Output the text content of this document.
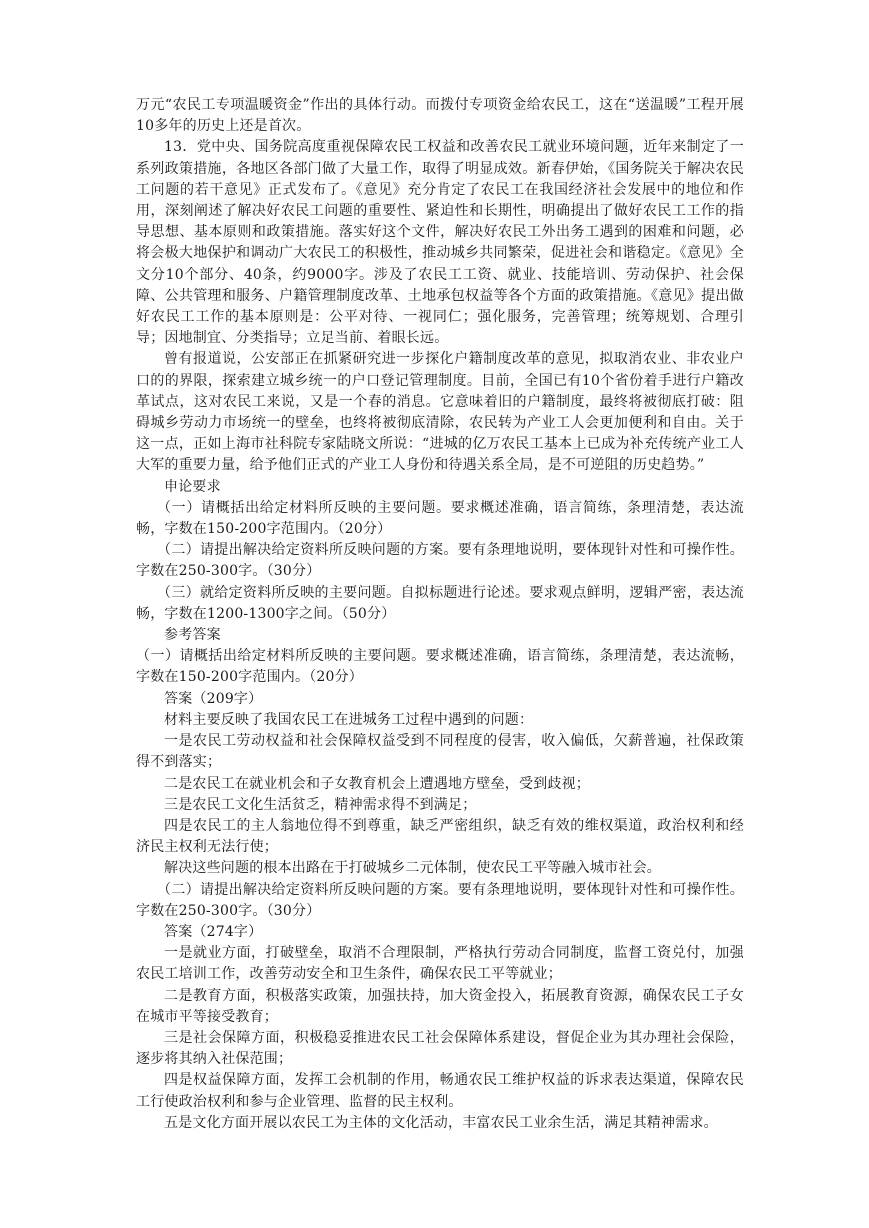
万元“农民工专项温暖资金”作出的具体行动。而拨付专项资金给农民工，这在“送温暖”工程开展10多年的历史上还是首次。

13．党中央、国务院高度重视保障农民工权益和改善农民工就业环境问题，近年来制定了一系列政策措施，各地区各部门做了大量工作，取得了明显成效。新春伊始，《国务院关于解决农民工问题的若干意见》正式发布了。《意见》充分肯定了农民工在我国经济社会发展中的地位和作用，深刻阐述了解决好农民工问题的重要性、紧迫性和长期性，明确提出了做好农民工工作的指导思想、基本原则和政策措施。落实好这个文件，解决好农民工外出务工遇到的困难和问题，必将会极大地保护和调动广大农民工的积极性，推动城乡共同繁荣，促进社会和谐稳定。《意见》全文分10个部分、40条，约9000字。涉及了农民工工资、就业、技能培训、劳动保护、社会保障、公共管理和服务、户籍管理制度改革、土地承包权益等各个方面的政策措施。《意见》提出做好农民工工作的基本原则是：公平对待、一视同仁；强化服务，完善管理；统筹规划、合理引导；因地制宜、分类指导；立足当前、着眼长远。

曾有报道说，公安部正在抓紧研究进一步探化户籍制度改革的意见，拟取消农业、非农业户口的的界限，探索建立城乡统一的户口登记管理制度。目前，全国已有10个省份着手进行户籍改革试点，这对农民工来说，又是一个春的消息。它意味着旧的户籍制度，最终将被彻底打破：阻碍城乡劳动力市场统一的壁垒，也终将被彻底清除，农民转为产业工人会更加便利和自由。关于这一点，正如上海市社科院专家陆晓文所说：“进城的亿万农民工基本上已成为补充传统产业工人大军的重要力量，给予他们正式的产业工人身份和待遇关系全局，是不可逆阻的历史趋势。”

申论要求

（一）请概括出给定材料所反映的主要问题。要求概述准确，语言简练，条理清楚，表达流畅，字数在150-200字范围内。（20分）

（二）请提出解决给定资料所反映问题的方案。要有条理地说明，要体现针对性和可操作性。字数在250-300字。（30分）

（三）就给定资料所反映的主要问题。自拟标题进行论述。要求观点鲜明，逻辑严密，表达流畅，字数在1200-1300字之间。（50分）

参考答案

（一）请概括出给定材料所反映的主要问题。要求概述准确，语言简练，条理清楚，表达流畅，字数在150-200字范围内。（20分）

答案（209字）

材料主要反映了我国农民工在进城务工过程中遇到的问题：

一是农民工劳动权益和社会保障权益受到不同程度的侵害，收入偏低，欠薪普遍，社保政策得不到落实；

二是农民工在就业机会和子女教育机会上遭遇地方壁垒，受到歧视；

三是农民工文化生活贫乏，精神需求得不到满足；

四是农民工的主人翁地位得不到尊重，缺乏严密组织，缺乏有效的维权渠道，政治权利和经济民主权利无法行使；

解决这些问题的根本出路在于打破城乡二元体制，使农民工平等融入城市社会。

（二）请提出解决给定资料所反映问题的方案。要有条理地说明，要体现针对性和可操作性。字数在250-300字。（30分）

答案（274字）

一是就业方面，打破壁垒，取消不合理限制，严格执行劳动合同制度，监督工资兑付，加强农民工培训工作，改善劳动安全和卫生条件，确保农民工平等就业；

二是教育方面，积极落实政策，加强扶持，加大资金投入，拓展教育资源，确保农民工子女在城市平等接受教育；

三是社会保障方面，积极稳妥推进农民工社会保障体系建设，督促企业为其办理社会保险，逐步将其纳入社保范围；

四是权益保障方面，发挥工会机制的作用，畅通农民工维护权益的诉求表达渠道，保障农民工行使政治权利和参与企业管理、监督的民主权利。

五是文化方面开展以农民工为主体的文化活动，丰富农民工业余生活，满足其精神需求。
